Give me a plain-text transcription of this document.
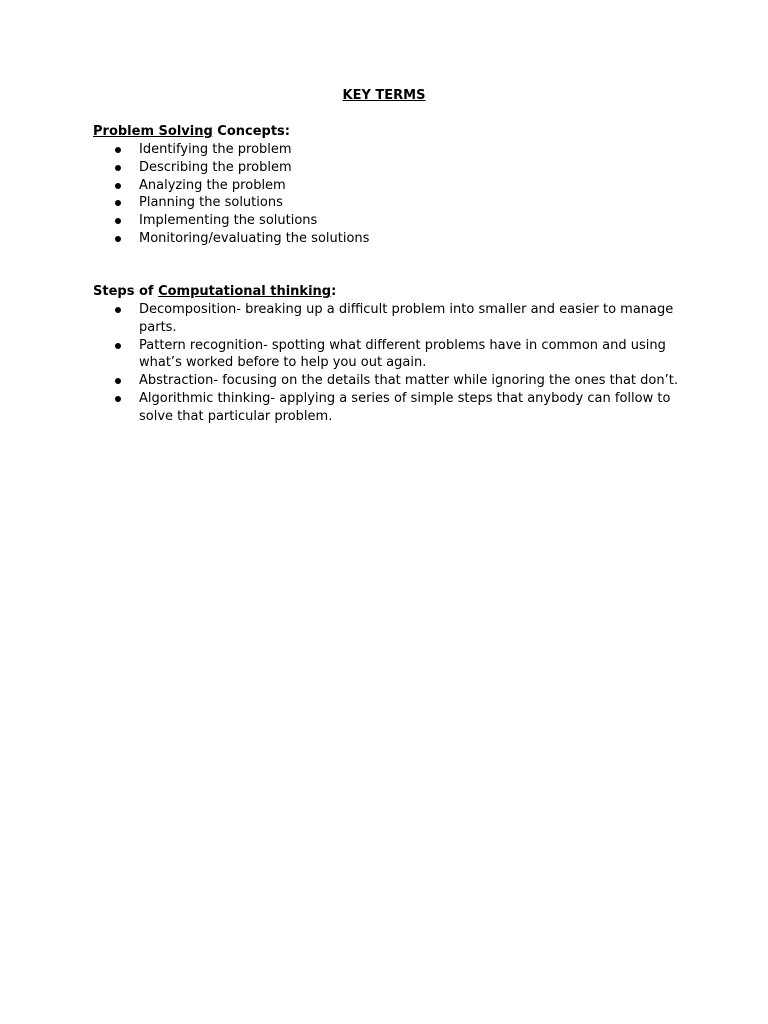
KEY TERMS

Problem Solving Concepts:

Identifying the problem
Describing the problem
Analyzing the problem
Planning the solutions
Implementing the solutions
Monitoring/evaluating the solutions

Steps of Computational thinking:

Decomposition- breaking up a difficult problem into smaller and easier to manage parts.
Pattern recognition- spotting what different problems have in common and using what’s worked before to help you out again.
Abstraction- focusing on the details that matter while ignoring the ones that don’t.
Algorithmic thinking- applying a series of simple steps that anybody can follow to solve that particular problem.
